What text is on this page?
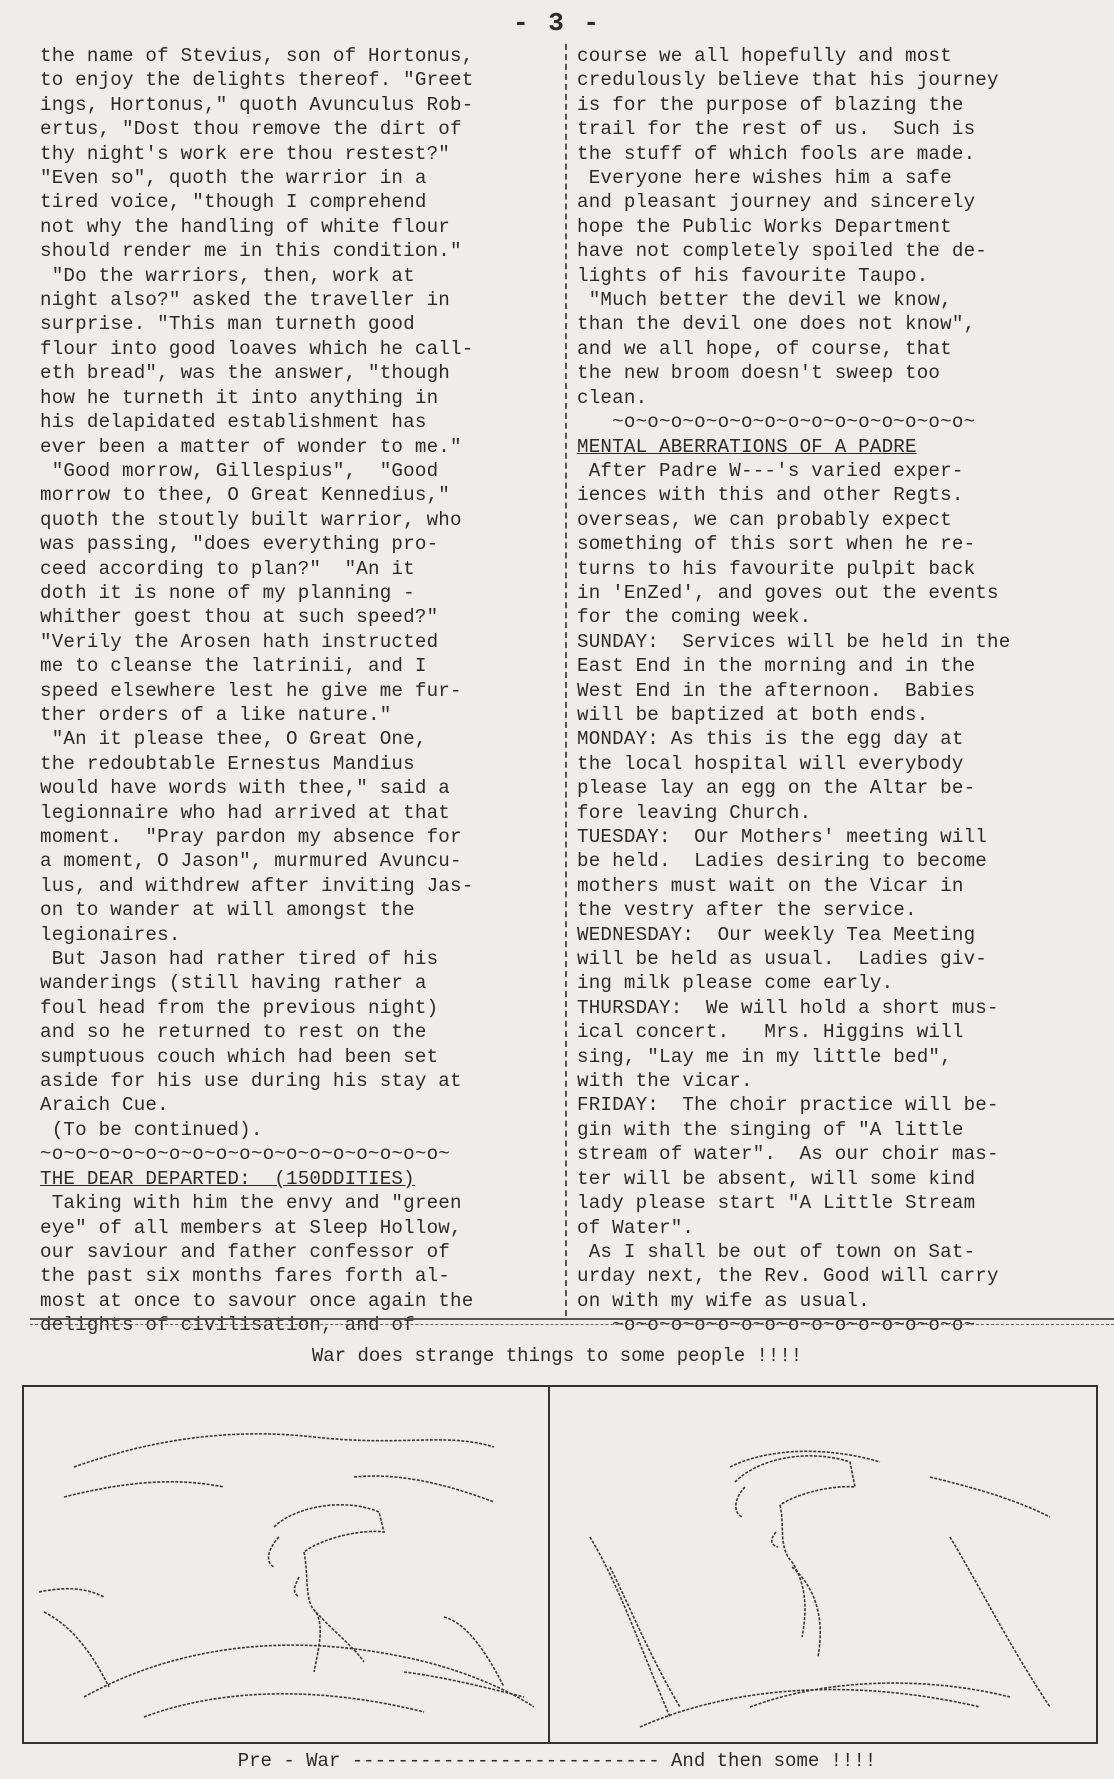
- 3 -
the name of Stevius, son of Hortonus,
to enjoy the delights thereof. "Greet
ings, Hortonus," quoth Avunculus Rob-
ertus, "Dost thou remove the dirt of
thy night's work ere thou restest?"
"Even so", quoth the warrior in a
tired voice, "though I comprehend
not why the handling of white flour
should render me in this condition."
"Do the warriors, then, work at
night also?" asked the traveller in
surprise. "This man turneth good
flour into good loaves which he call-
eth bread", was the answer, "though
how he turneth it into anything in
his delapidated establishment has
ever been a matter of wonder to me."
"Good morrow, Gillespius",  "Good
morrow to thee, O Great Kennedius,"
quoth the stoutly built warrior, who
was passing, "does everything pro-
ceed according to plan?"  "An it
doth it is none of my planning -
whither goest thou at such speed?"
"Verily the Arosen hath instructed
me to cleanse the latrinii, and I
speed elsewhere lest he give me fur-
ther orders of a like nature."
"An it please thee, O Great One,
the redoubtable Ernestus Mandius
would have words with thee," said a
legionnaire who had arrived at that
moment.  "Pray pardon my absence for
a moment, O Jason", murmured Avuncu-
lus, and withdrew after inviting Jas-
on to wander at will amongst the
legionaires.
But Jason had rather tired of his
wanderings (still having rather a
foul head from the previous night)
and so he returned to rest on the
sumptuous couch which had been set
aside for his use during his stay at
Araich Cue.
(To be continued).
~o~o~o~o~o~o~o~o~o~o~o~o~o~o~o~o~o~
THE DEAR DEPARTED:  (150DDITIES)
Taking with him the envy and "green
eye" of all members at Sleep Hollow,
our saviour and father confessor of
the past six months fares forth al-
most at once to savour once again the
delights of civilisation, and of
course we all hopefully and most
credulously believe that his journey
is for the purpose of blazing the
trail for the rest of us.  Such is
the stuff of which fools are made.
Everyone here wishes him a safe
and pleasant journey and sincerely
hope the Public Works Department
have not completely spoiled the de-
lights of his favourite Taupo.
"Much better the devil we know,
than the devil one does not know",
and we all hope, of course, that
the new broom doesn't sweep too
clean.
~o~o~o~o~o~o~o~o~o~o~o~o~o~o~o~
MENTAL ABERRATIONS OF A PADRE
After Padre W---'s varied exper-
iences with this and other Regts.
overseas, we can probably expect
something of this sort when he re-
turns to his favourite pulpit back
in 'EnZed', and goves out the events
for the coming week.
SUNDAY:  Services will be held in the
East End in the morning and in the
West End in the afternoon.  Babies
will be baptized at both ends.
MONDAY: As this is the egg day at
the local hospital will everybody
please lay an egg on the Altar be-
fore leaving Church.
TUESDAY:  Our Mothers' meeting will
be held.  Ladies desiring to become
mothers must wait on the Vicar in
the vestry after the service.
WEDNESDAY:  Our weekly Tea Meeting
will be held as usual.  Ladies giv-
ing milk please come early.
THURSDAY:  We will hold a short mus-
ical concert.   Mrs. Higgins will
sing, "Lay me in my little bed",
with the vicar.
FRIDAY:  The choir practice will be-
gin with the singing of "A little
stream of water".  As our choir mas-
ter will be absent, will some kind
lady please start "A Little Stream
of Water".
As I shall be out of town on Sat-
urday next, the Rev. Good will carry
on with my wife as usual.
~o~o~o~o~o~o~o~o~o~o~o~o~o~o~o~
War does strange things to some people !!!!
Pre - War --------------------------- And then some !!!!
